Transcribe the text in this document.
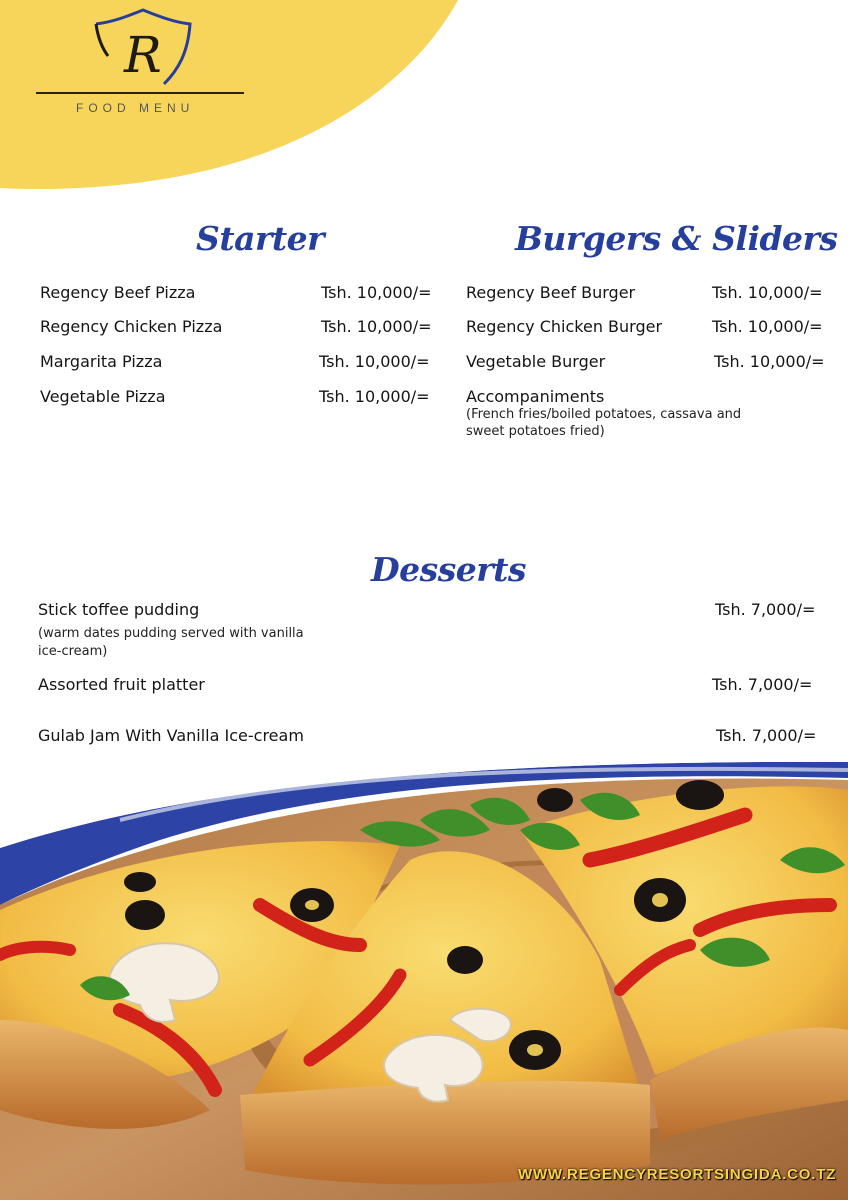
R
FOOD MENU
Starter
Regency Beef Pizza	Tsh. 10,000/=
Regency Chicken Pizza	Tsh. 10,000/=
Margarita Pizza	Tsh. 10,000/=
Vegetable Pizza	Tsh. 10,000/=
Burgers & Sliders
Regency Beef Burger	Tsh. 10,000/=
Regency Chicken Burger	Tsh. 10,000/=
Vegetable Burger	Tsh. 10,000/=
Accompaniments
(French fries/boiled potatoes, cassava and
sweet potatoes fried)
Desserts
Stick toffee pudding	Tsh. 7,000/=
(warm dates pudding served with vanilla
ice-cream)
Assorted fruit platter	Tsh. 7,000/=
Gulab Jam With Vanilla Ice-cream	Tsh. 7,000/=
WWW.REGENCYRESORTSINGIDA.CO.TZ
